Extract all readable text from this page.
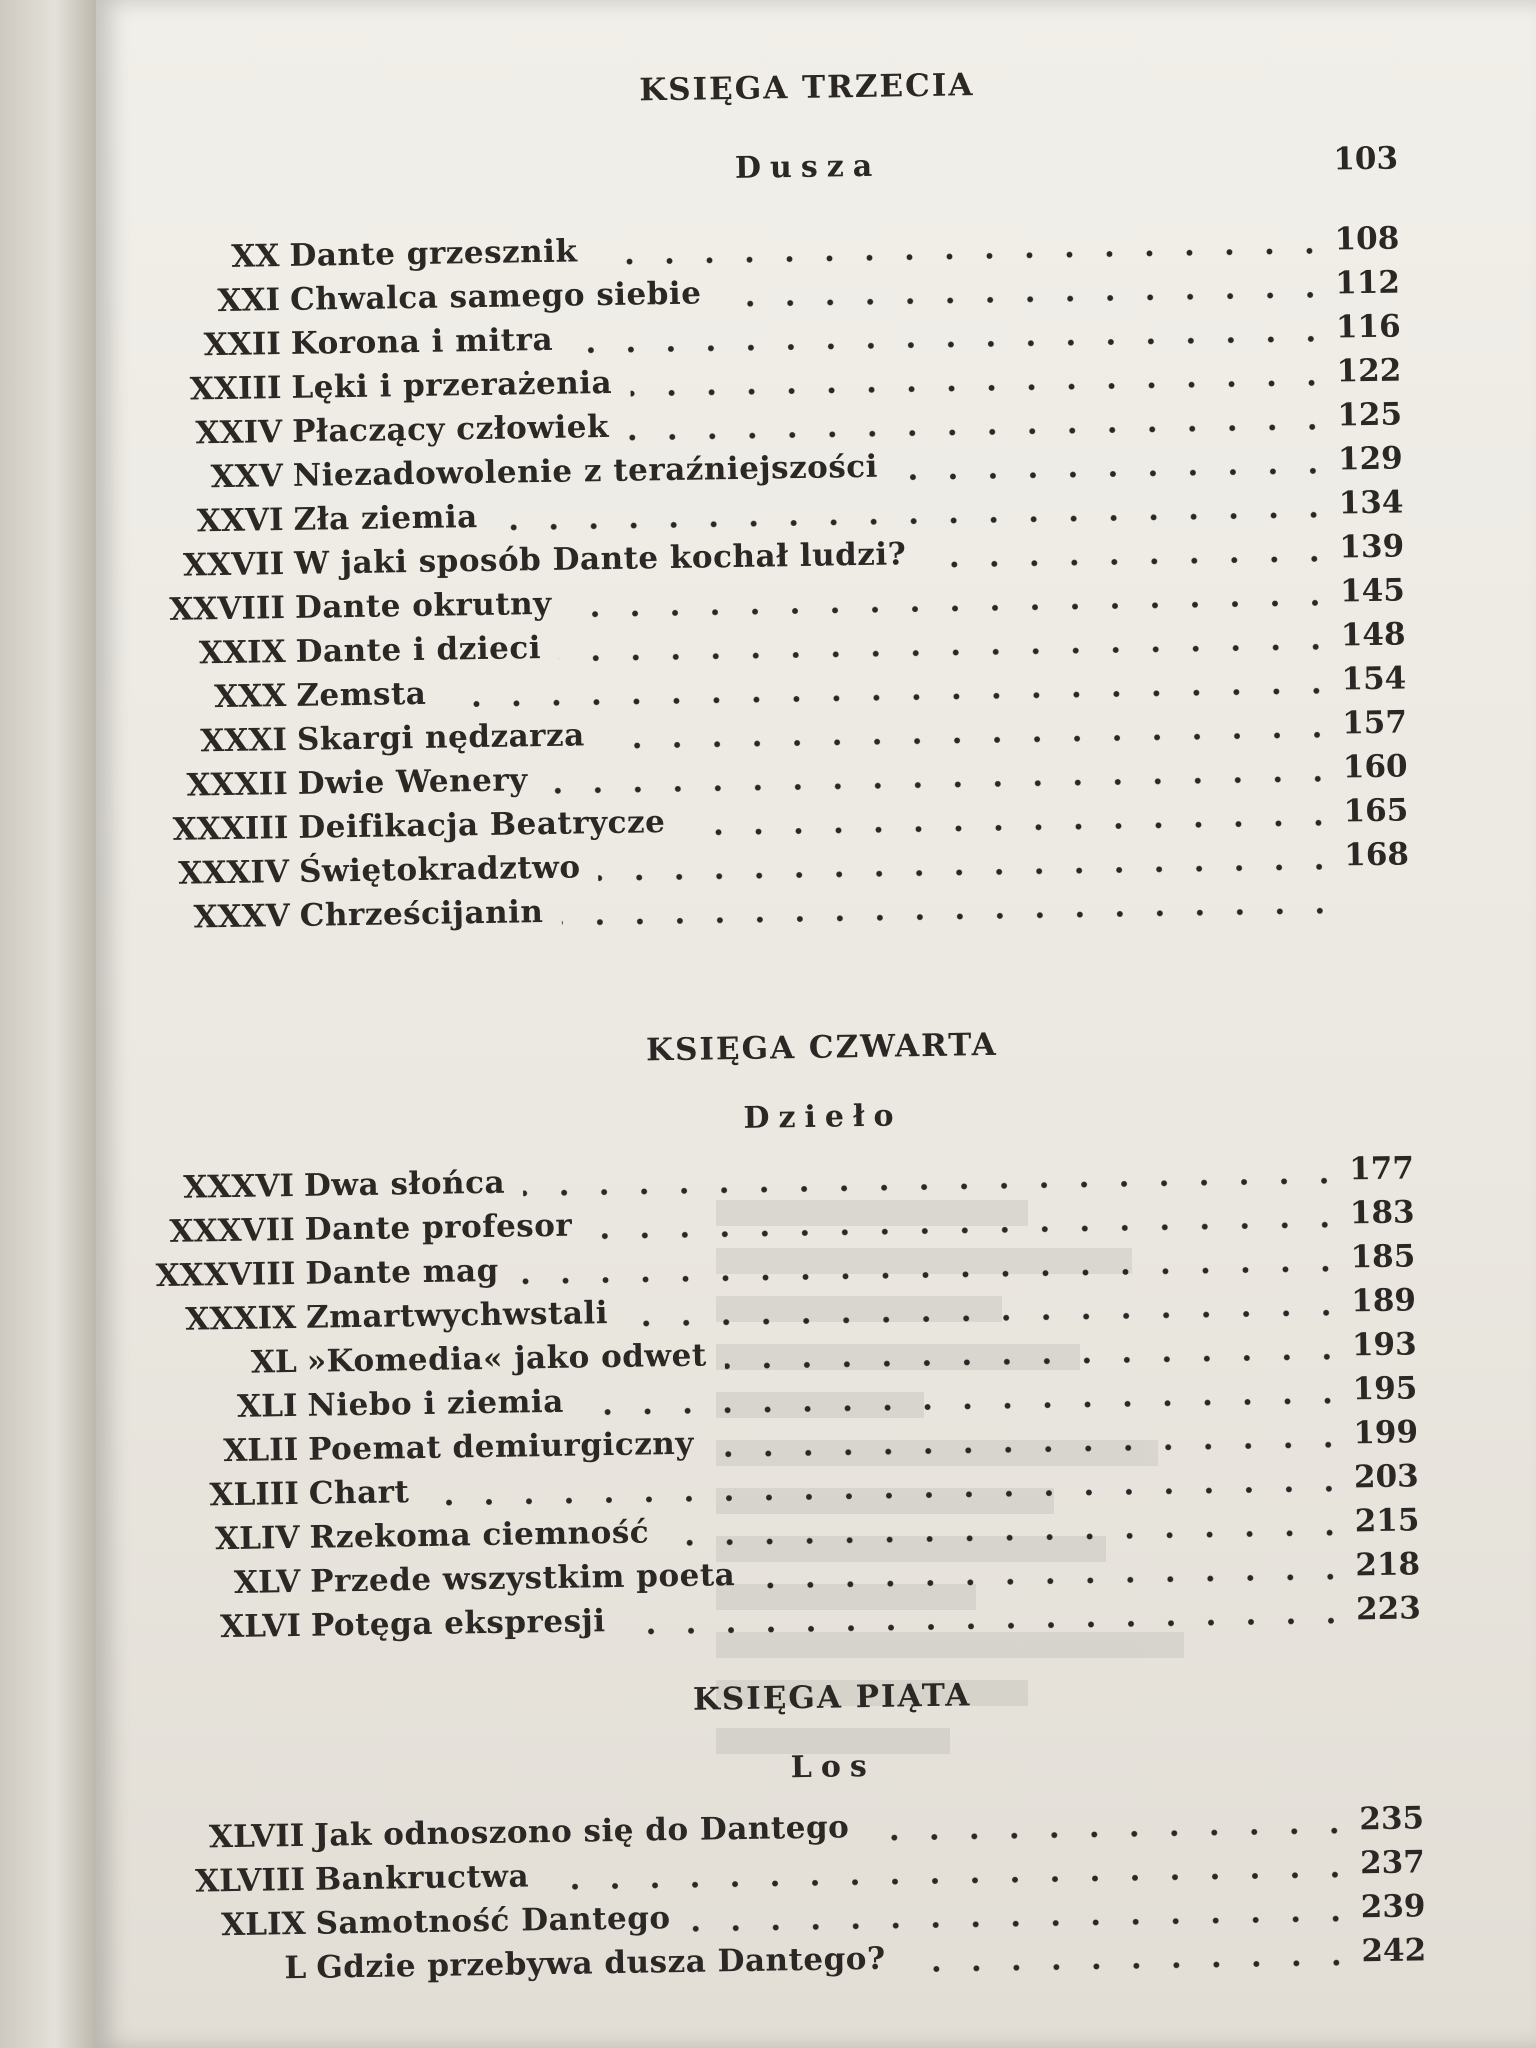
KSIĘGA TRZECIA
Dusza	103
XX Dante grzesznik	108
XXI Chwalca samego siebie	112
XXII Korona i mitra	116
XXIII Lęki i przerażenia	122
XXIV Płaczący człowiek	125
XXV Niezadowolenie z teraźniejszości	129
XXVI Zła ziemia	134
XXVII W jaki sposób Dante kochał ludzi?	139
XXVIII Dante okrutny	145
XXIX Dante i dzieci	148
XXX Zemsta	154
XXXI Skargi nędzarza	157
XXXII Dwie Wenery	160
XXXIII Deifikacja Beatrycze	165
XXXIV Świętokradztwo	168
XXXV Chrześcijanin
KSIĘGA CZWARTA
Dzieło
XXXVI Dwa słońca	177
XXXVII Dante profesor	183
XXXVIII Dante mag	185
XXXIX Zmartwychwstali	189
XL »Komedia« jako odwet	193
XLI Niebo i ziemia	195
XLII Poemat demiurgiczny	199
XLIII Chart	203
XLIV Rzekoma ciemność	215
XLV Przede wszystkim poeta	218
XLVI Potęga ekspresji	223
KSIĘGA PIĄTA
Los
XLVII Jak odnoszono się do Dantego	235
XLVIII Bankructwa	237
XLIX Samotność Dantego	239
L Gdzie przebywa dusza Dantego?	242
